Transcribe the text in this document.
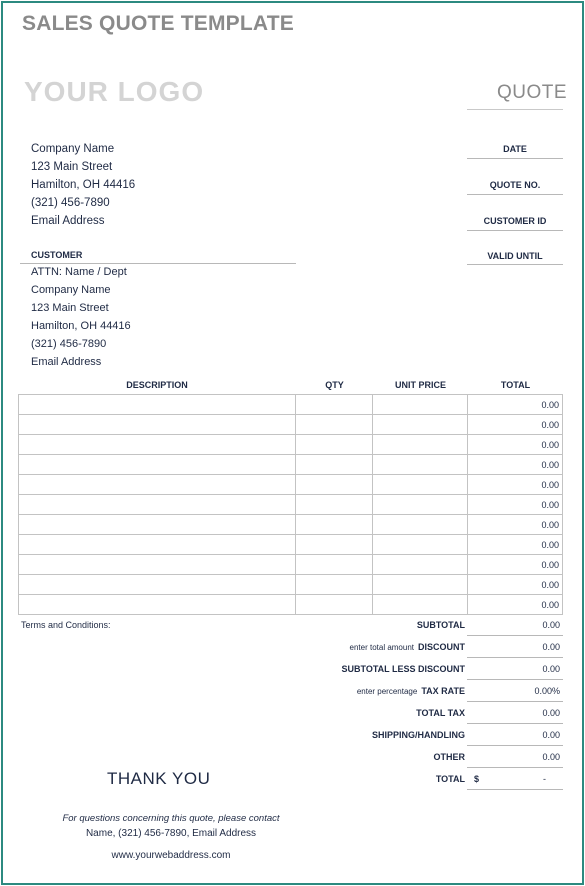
SALES QUOTE TEMPLATE
YOUR LOGO	QUOTE
Company Name
123 Main Street
Hamilton, OH 44416
(321) 456-7890
Email Address
DATE
QUOTE NO.
CUSTOMER ID
VALID UNTIL
CUSTOMER
ATTN: Name / Dept
Company Name
123 Main Street
Hamilton, OH 44416
(321) 456-7890
Email Address
DESCRIPTION	QTY	UNIT PRICE	TOTAL
			0.00
			0.00
			0.00
			0.00
			0.00
			0.00
			0.00
			0.00
			0.00
			0.00
			0.00
Terms and Conditions:	SUBTOTAL	0.00
enter total amount DISCOUNT	0.00
SUBTOTAL LESS DISCOUNT	0.00
enter percentage TAX RATE	0.00%
TOTAL TAX	0.00
SHIPPING/HANDLING	0.00
OTHER	0.00
TOTAL $	-
THANK YOU
For questions concerning this quote, please contact
Name, (321) 456-7890, Email Address
www.yourwebaddress.com
